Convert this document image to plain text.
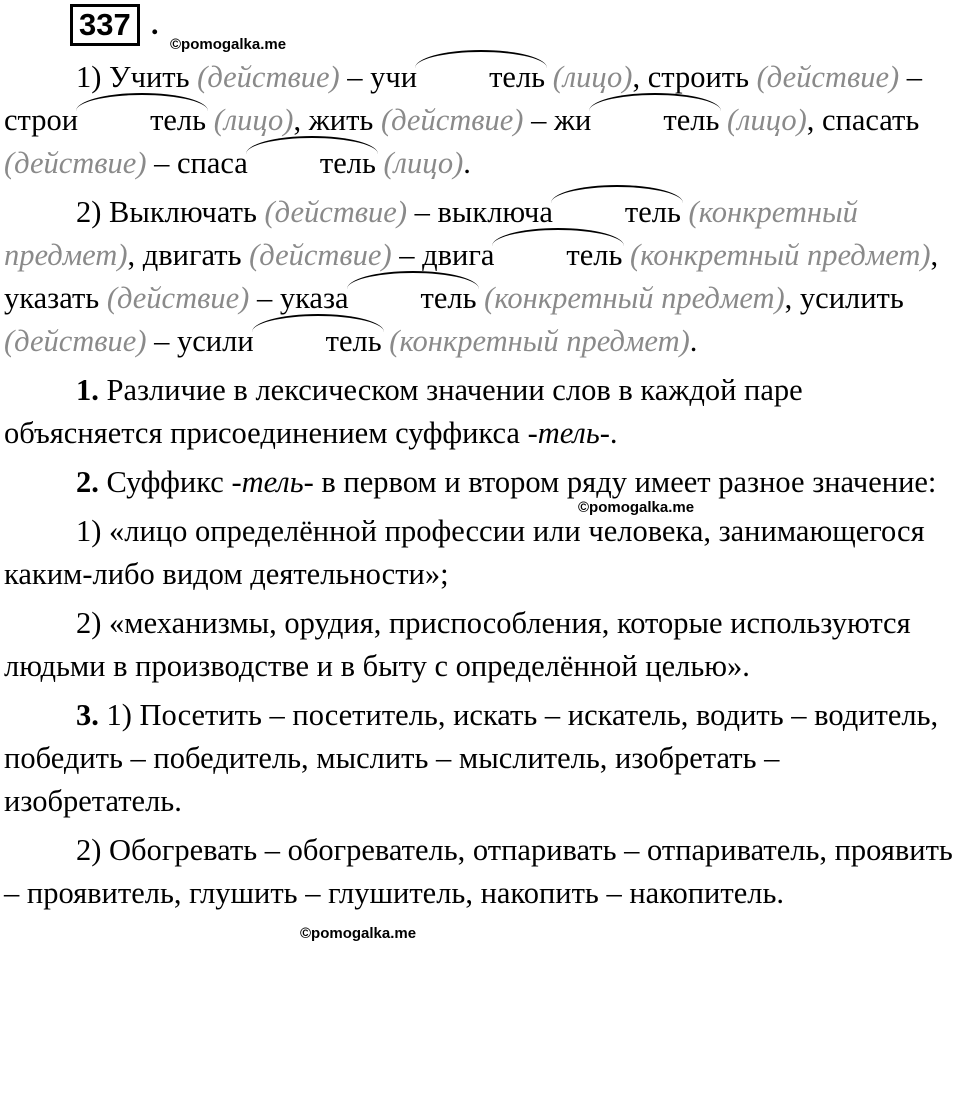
337 .
©pomogalka.me
©pomogalka.me
©pomogalka.me

1) Учить (действие) – учи тель (лицо), строить (действие) – строи тель (лицо), жить (действие) – жи тель (лицо), спасать (действие) – спаса тель (лицо).

2) Выключать (действие) – выключа тель (конкретный предмет), двигать (действие) – двига тель (конкретный предмет), указать (действие) – указа тель (конкретный предмет), усилить (действие) – усили тель (конкретный предмет).

1. Различие в лексическом значении слов в каждой паре объясняется присоединением суффикса -тель-.

2. Суффикс -тель- в первом и втором ряду имеет разное значение:

1) «лицо определённой профессии или человека, занимающегося каким-либо видом деятельности»;

2) «механизмы, орудия, приспособления, которые используются людьми в производстве и в быту с определённой целью».

3. 1) Посетить – посетитель, искать – искатель, водить – водитель, победить – победитель, мыслить – мыслитель, изобретать – изобретатель.

2) Обогревать – обогреватель, отпаривать – отпариватель, проявить – проявитель, глушить – глушитель, накопить – накопитель.
